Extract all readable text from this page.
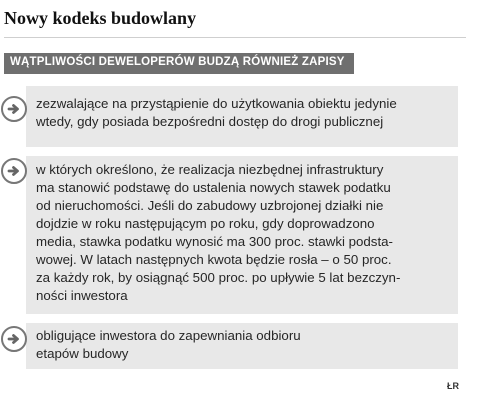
Nowy kodeks budowlany
WĄTPLIWOŚCI DEWELOPERÓW BUDZĄ RÓWNIEŻ ZAPISY
zezwalające na przystąpienie do użytkowania obiektu jedynie
wtedy, gdy posiada bezpośredni dostęp do drogi publicznej
w których określono, że realizacja niezbędnej infrastruktury
ma stanowić podstawę do ustalenia nowych stawek podatku
od nieruchomości. Jeśli do zabudowy uzbrojonej działki nie
dojdzie w roku następującym po roku, gdy doprowadzono
media, stawka podatku wynosić ma 300 proc. stawki podsta-
wowej. W latach następnych kwota będzie rosła – o 50 proc.
za każdy rok, by osiągnąć 500 proc. po upływie 5 lat bezczyn-
ności inwestora
obligujące inwestora do zapewniania odbioru
etapów budowy
ŁR
